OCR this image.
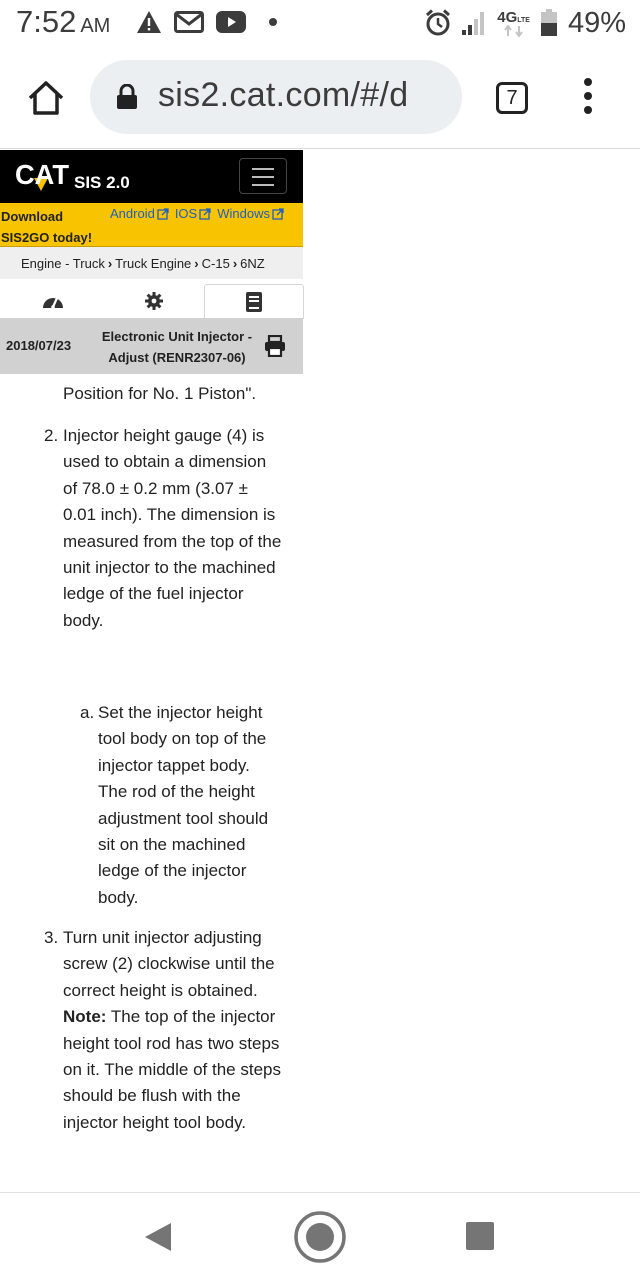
7:52 AM	4GLTE 49%
sis2.cat.com/#/d	7
CAT SIS 2.0
Download SIS2GO today!
Android IOS Windows
Engine - Truck › Truck Engine › C-15 › 6NZ
2018/07/23
Electronic Unit Injector - Adjust (RENR2307-06)
Position for No. 1 Piston".
2. Injector height gauge (4) is used to obtain a dimension of 78.0 ± 0.2 mm (3.07 ± 0.01 inch). The dimension is measured from the top of the unit injector to the machined ledge of the fuel injector body.
a. Set the injector height tool body on top of the injector tappet body. The rod of the height adjustment tool should sit on the machined ledge of the injector body.
3. Turn unit injector adjusting screw (2) clockwise until the correct height is obtained.
Note: The top of the injector height tool rod has two steps on it. The middle of the steps should be flush with the injector height tool body.
